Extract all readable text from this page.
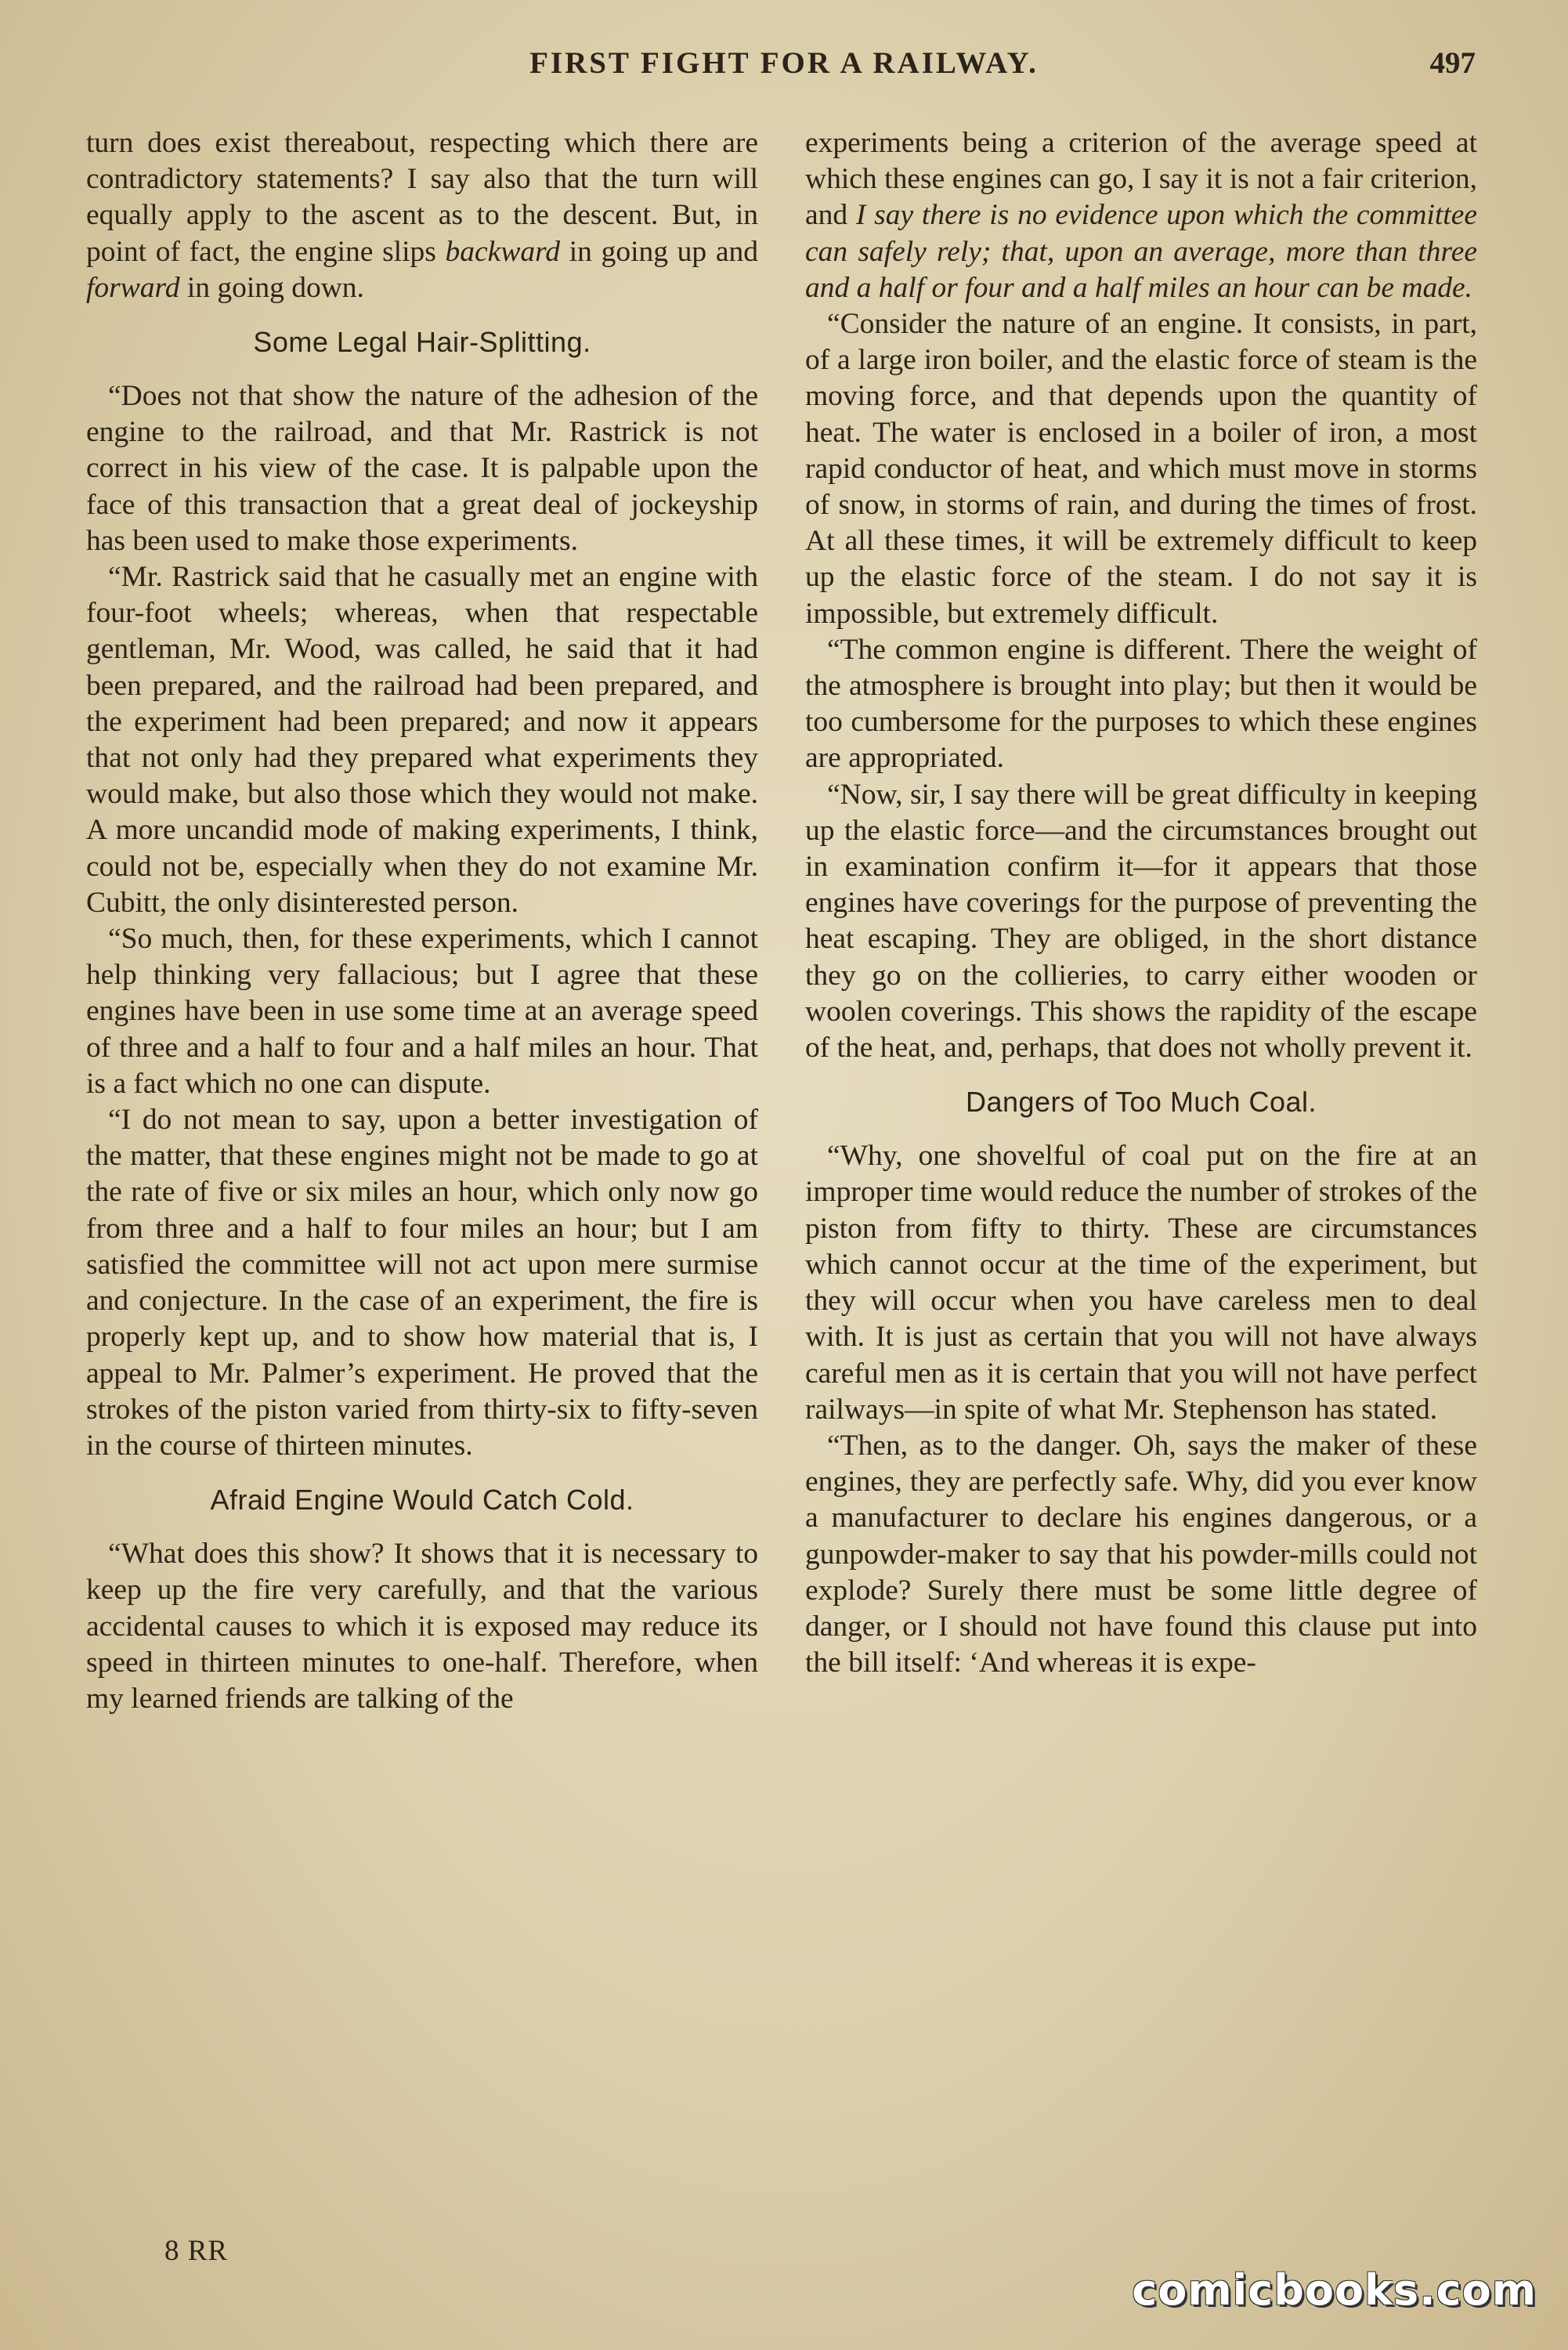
FIRST FIGHT FOR A RAILWAY.	497

turn does exist thereabout, respecting which there are contradictory statements? I say also that the turn will equally apply to the ascent as to the descent. But, in point of fact, the engine slips backward in going up and forward in going down.

Some Legal Hair-Splitting.

“Does not that show the nature of the adhesion of the engine to the railroad, and that Mr. Rastrick is not correct in his view of the case. It is palpable upon the face of this transaction that a great deal of jockeyship has been used to make those experiments.

“Mr. Rastrick said that he casually met an engine with four-foot wheels; whereas, when that respectable gentleman, Mr. Wood, was called, he said that it had been prepared, and the railroad had been prepared, and the experiment had been prepared; and now it appears that not only had they prepared what experiments they would make, but also those which they would not make. A more uncandid mode of making experiments, I think, could not be, especially when they do not examine Mr. Cubitt, the only disinterested person.

“So much, then, for these experiments, which I cannot help thinking very fallacious; but I agree that these engines have been in use some time at an average speed of three and a half to four and a half miles an hour. That is a fact which no one can dispute.

“I do not mean to say, upon a better investigation of the matter, that these engines might not be made to go at the rate of five or six miles an hour, which only now go from three and a half to four miles an hour; but I am satisfied the committee will not act upon mere surmise and conjecture. In the case of an experiment, the fire is properly kept up, and to show how material that is, I appeal to Mr. Palmer’s experiment. He proved that the strokes of the piston varied from thirty-six to fifty-seven in the course of thirteen minutes.

Afraid Engine Would Catch Cold.

“What does this show? It shows that it is necessary to keep up the fire very carefully, and that the various accidental causes to which it is exposed may reduce its speed in thirteen minutes to one-half. Therefore, when my learned friends are talking of the

experiments being a criterion of the average speed at which these engines can go, I say it is not a fair criterion, and I say there is no evidence upon which the committee can safely rely; that, upon an average, more than three and a half or four and a half miles an hour can be made.

“Consider the nature of an engine. It consists, in part, of a large iron boiler, and the elastic force of steam is the moving force, and that depends upon the quantity of heat. The water is enclosed in a boiler of iron, a most rapid conductor of heat, and which must move in storms of snow, in storms of rain, and during the times of frost. At all these times, it will be extremely difficult to keep up the elastic force of the steam. I do not say it is impossible, but extremely difficult.

“The common engine is different. There the weight of the atmosphere is brought into play; but then it would be too cumbersome for the purposes to which these engines are appropriated.

“Now, sir, I say there will be great difficulty in keeping up the elastic force—and the circumstances brought out in examination confirm it—for it appears that those engines have coverings for the purpose of preventing the heat escaping. They are obliged, in the short distance they go on the collieries, to carry either wooden or woolen coverings. This shows the rapidity of the escape of the heat, and, perhaps, that does not wholly prevent it.

Dangers of Too Much Coal.

“Why, one shovelful of coal put on the fire at an improper time would reduce the number of strokes of the piston from fifty to thirty. These are circumstances which cannot occur at the time of the experiment, but they will occur when you have careless men to deal with. It is just as certain that you will not have always careful men as it is certain that you will not have perfect railways—in spite of what Mr. Stephenson has stated.

“Then, as to the danger. Oh, says the maker of these engines, they are perfectly safe. Why, did you ever know a manufacturer to declare his engines dangerous, or a gunpowder-maker to say that his powder-mills could not explode? Surely there must be some little degree of danger, or I should not have found this clause put into the bill itself: ‘And whereas it is expe-

8 RR
comicbooks.com
